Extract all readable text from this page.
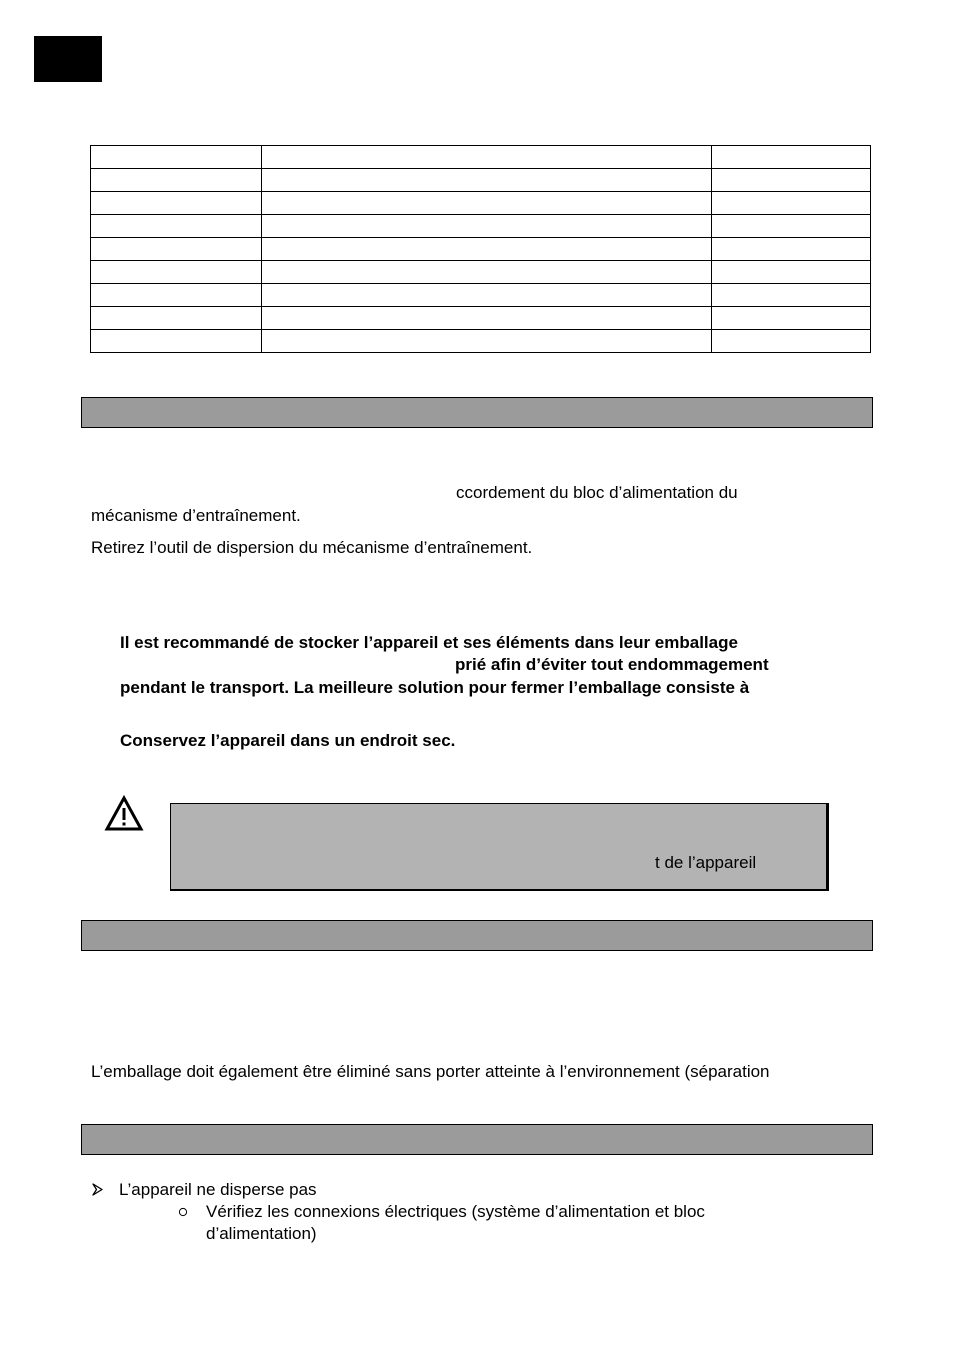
ccordement du bloc d’alimentation du
mécanisme d’entraînement.
Retirez l’outil de dispersion du mécanisme d’entraînement.
Il est recommandé de stocker l’appareil et ses éléments dans leur emballage
prié afin d’éviter tout endommagement
pendant le transport. La meilleure solution pour fermer l’emballage consiste à
Conservez l’appareil dans un endroit sec.
t de l’appareil
L’emballage doit également être éliminé sans porter atteinte à l’environnement (séparation
L’appareil ne disperse pas
Vérifiez les connexions électriques (système d’alimentation et bloc
d’alimentation)
